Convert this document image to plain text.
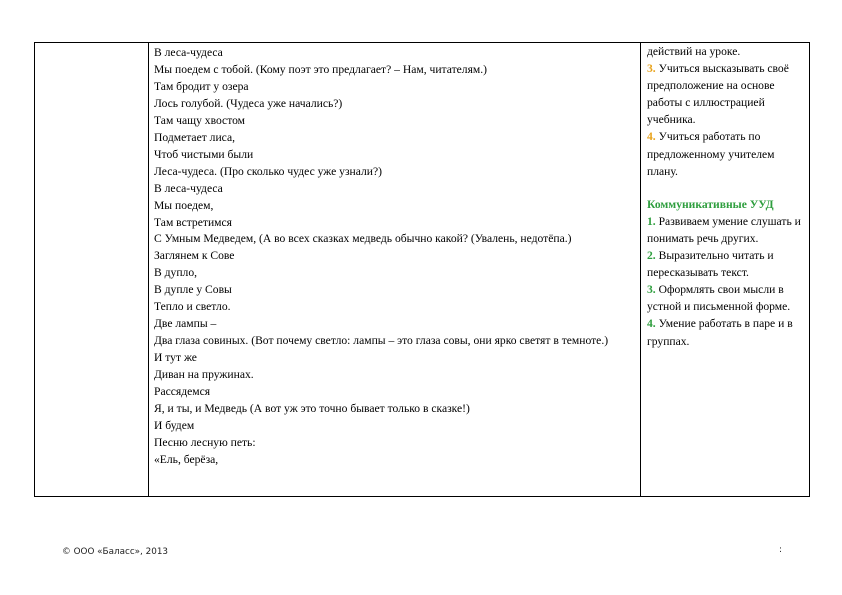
В леса-чудеса
Мы поедем с тобой. (Кому поэт это предлагает? – Нам, читателям.)
Там бродит у озера
Лось голубой. (Чудеса уже начались?)
Там чащу хвостом
Подметает лиса,
Чтоб чистыми были
Леса-чудеса. (Про сколько чудес уже узнали?)
В леса-чудеса
Мы поедем,
Там встретимся
С Умным Медведем, (А во всех сказках медведь обычно какой? (Увалень, недотёпа.)
Заглянем к Сове
В дупло,
В дупле у Совы
Тепло и светло.
Две лампы –
Два глаза совиных. (Вот почему светло: лампы – это глаза совы, они ярко светят в темноте.)
И тут же
Диван на пружинах.
Рассядемся
Я, и ты, и Медведь (А вот уж это точно бывает только в сказке!)
И будем
Песню лесную петь:
«Ель, берёза,
действий на уроке.
3. Учиться высказывать своё предположение на основе работы с иллюстрацией учебника.
4. Учиться работать по предложенному учителем плану.
Коммуникативные УУД
1. Развиваем умение слушать и понимать речь других.
2. Выразительно читать и пересказывать текст.
3. Оформлять свои мысли в устной и письменной форме.
4. Умение работать в паре и в группах.
© ООО «Баласс», 2013	:
